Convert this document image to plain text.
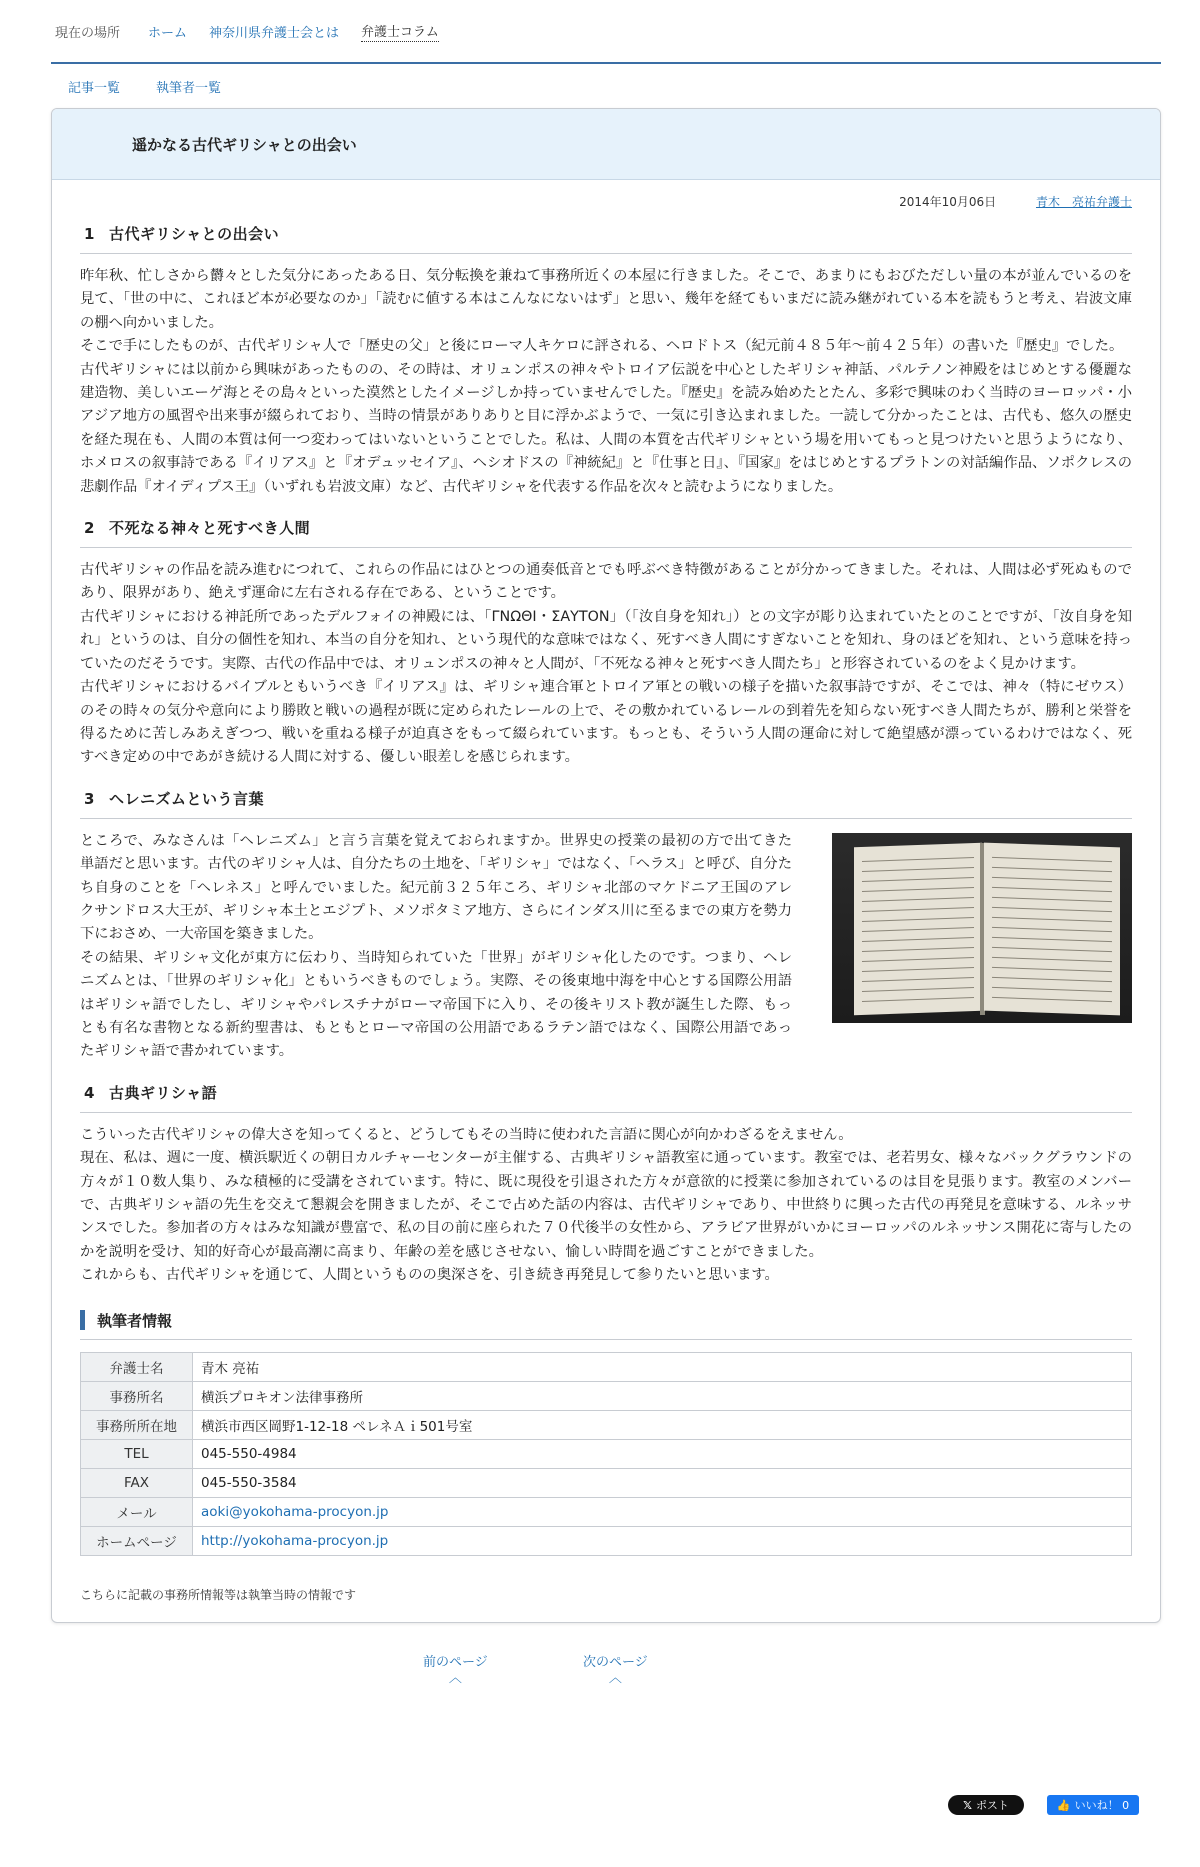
現在の場所 ホーム 神奈川県弁護士会とは 弁護士コラム
記事一覧	執筆者一覧
遥かなる古代ギリシャとの出会い
2014年10月06日	青木　亮祐弁護士
1 古代ギリシャとの出会い

昨年秋、忙しさから欝々とした気分にあったある日、気分転換を兼ねて事務所近くの本屋に行きました。そこで、あまりにもおびただしい量の本が並んでいるのを見て、「世の中に、これほど本が必要なのか」「読むに値する本はこんなにないはず」と思い、幾年を経てもいまだに読み継がれている本を読もうと考え、岩波文庫の棚へ向かいました。

そこで手にしたものが、古代ギリシャ人で「歴史の父」と後にローマ人キケロに評される、ヘロドトス（紀元前４８５年～前４２５年）の書いた『歴史』でした。

古代ギリシャには以前から興味があったものの、その時は、オリュンポスの神々やトロイア伝説を中心としたギリシャ神話、パルテノン神殿をはじめとする優麗な建造物、美しいエーゲ海とその島々といった漠然としたイメージしか持っていませんでした。『歴史』を読み始めたとたん、多彩で興味のわく当時のヨーロッパ・小アジア地方の風習や出来事が綴られており、当時の情景がありありと目に浮かぶようで、一気に引き込まれました。一読して分かったことは、古代も、悠久の歴史を経た現在も、人間の本質は何一つ変わってはいないということでした。私は、人間の本質を古代ギリシャという場を用いてもっと見つけたいと思うようになり、ホメロスの叙事詩である『イリアス』と『オデュッセイア』、ヘシオドスの『神統紀』と『仕事と日』、『国家』をはじめとするプラトンの対話編作品、ソポクレスの悲劇作品『オイディプス王』（いずれも岩波文庫）など、古代ギリシャを代表する作品を次々と読むようになりました。

2 不死なる神々と死すべき人間

古代ギリシャの作品を読み進むにつれて、これらの作品にはひとつの通奏低音とでも呼ぶべき特徴があることが分かってきました。それは、人間は必ず死ぬものであり、限界があり、絶えず運命に左右される存在である、ということです。

古代ギリシャにおける神託所であったデルフォイの神殿には、「ΓΝΩΘΙ・ΣΑΥΤΟΝ」（「汝自身を知れ」）との文字が彫り込まれていたとのことですが、「汝自身を知れ」というのは、自分の個性を知れ、本当の自分を知れ、という現代的な意味ではなく、死すべき人間にすぎないことを知れ、身のほどを知れ、という意味を持っていたのだそうです。実際、古代の作品中では、オリュンポスの神々と人間が、「不死なる神々と死すべき人間たち」と形容されているのをよく見かけます。

古代ギリシャにおけるバイブルともいうべき『イリアス』は、ギリシャ連合軍とトロイア軍との戦いの様子を描いた叙事詩ですが、そこでは、神々（特にゼウス）のその時々の気分や意向により勝敗と戦いの過程が既に定められたレールの上で、その敷かれているレールの到着先を知らない死すべき人間たちが、勝利と栄誉を得るために苦しみあえぎつつ、戦いを重ねる様子が迫真さをもって綴られています。もっとも、そういう人間の運命に対して絶望感が漂っているわけではなく、死すべき定めの中であがき続ける人間に対する、優しい眼差しを感じられます。

3 ヘレニズムという言葉

ところで、みなさんは「ヘレニズム」と言う言葉を覚えておられますか。世界史の授業の最初の方で出てきた単語だと思います。古代のギリシャ人は、自分たちの土地を、「ギリシャ」ではなく、「ヘラス」と呼び、自分たち自身のことを「ヘレネス」と呼んでいました。紀元前３２５年ころ、ギリシャ北部のマケドニア王国のアレクサンドロス大王が、ギリシャ本土とエジプト、メソポタミア地方、さらにインダス川に至るまでの東方を勢力下におさめ、一大帝国を築きました。

その結果、ギリシャ文化が東方に伝わり、当時知られていた「世界」がギリシャ化したのです。つまり、ヘレニズムとは、「世界のギリシャ化」ともいうべきものでしょう。実際、その後東地中海を中心とする国際公用語はギリシャ語でしたし、ギリシャやパレスチナがローマ帝国下に入り、その後キリスト教が誕生した際、もっとも有名な書物となる新約聖書は、もともとローマ帝国の公用語であるラテン語ではなく、国際公用語であったギリシャ語で書かれています。

4 古典ギリシャ語

こういった古代ギリシャの偉大さを知ってくると、どうしてもその当時に使われた言語に関心が向かわざるをえません。

現在、私は、週に一度、横浜駅近くの朝日カルチャーセンターが主催する、古典ギリシャ語教室に通っています。教室では、老若男女、様々なバックグラウンドの方々が１０数人集り、みな積極的に受講をされています。特に、既に現役を引退された方々が意欲的に授業に参加されているのは目を見張ります。教室のメンバーで、古典ギリシャ語の先生を交えて懇親会を開きましたが、そこで占めた話の内容は、古代ギリシャであり、中世終りに興った古代の再発見を意味する、ルネッサンスでした。参加者の方々はみな知識が豊富で、私の目の前に座られた７０代後半の女性から、アラビア世界がいかにヨーロッパのルネッサンス開花に寄与したのかを説明を受け、知的好奇心が最高潮に高まり、年齢の差を感じさせない、愉しい時間を過ごすことができました。

これからも、古代ギリシャを通じて、人間というものの奥深さを、引き続き再発見して参りたいと思います。

執筆者情報
弁護士名	青木 亮祐
事務所名	横浜プロキオン法律事務所
事務所所在地	横浜市西区岡野1-12-18 ペレネＡｉ501号室
TEL	045-550-4984
FAX	045-550-3584
メール	aoki@yokohama-procyon.jp
ホームページ	http://yokohama-procyon.jp
こちらに記載の事務所情報等は執筆当時の情報です
前のページ
︿
次のページ
︿
𝕏 ポスト	👍 いいね！ 0
